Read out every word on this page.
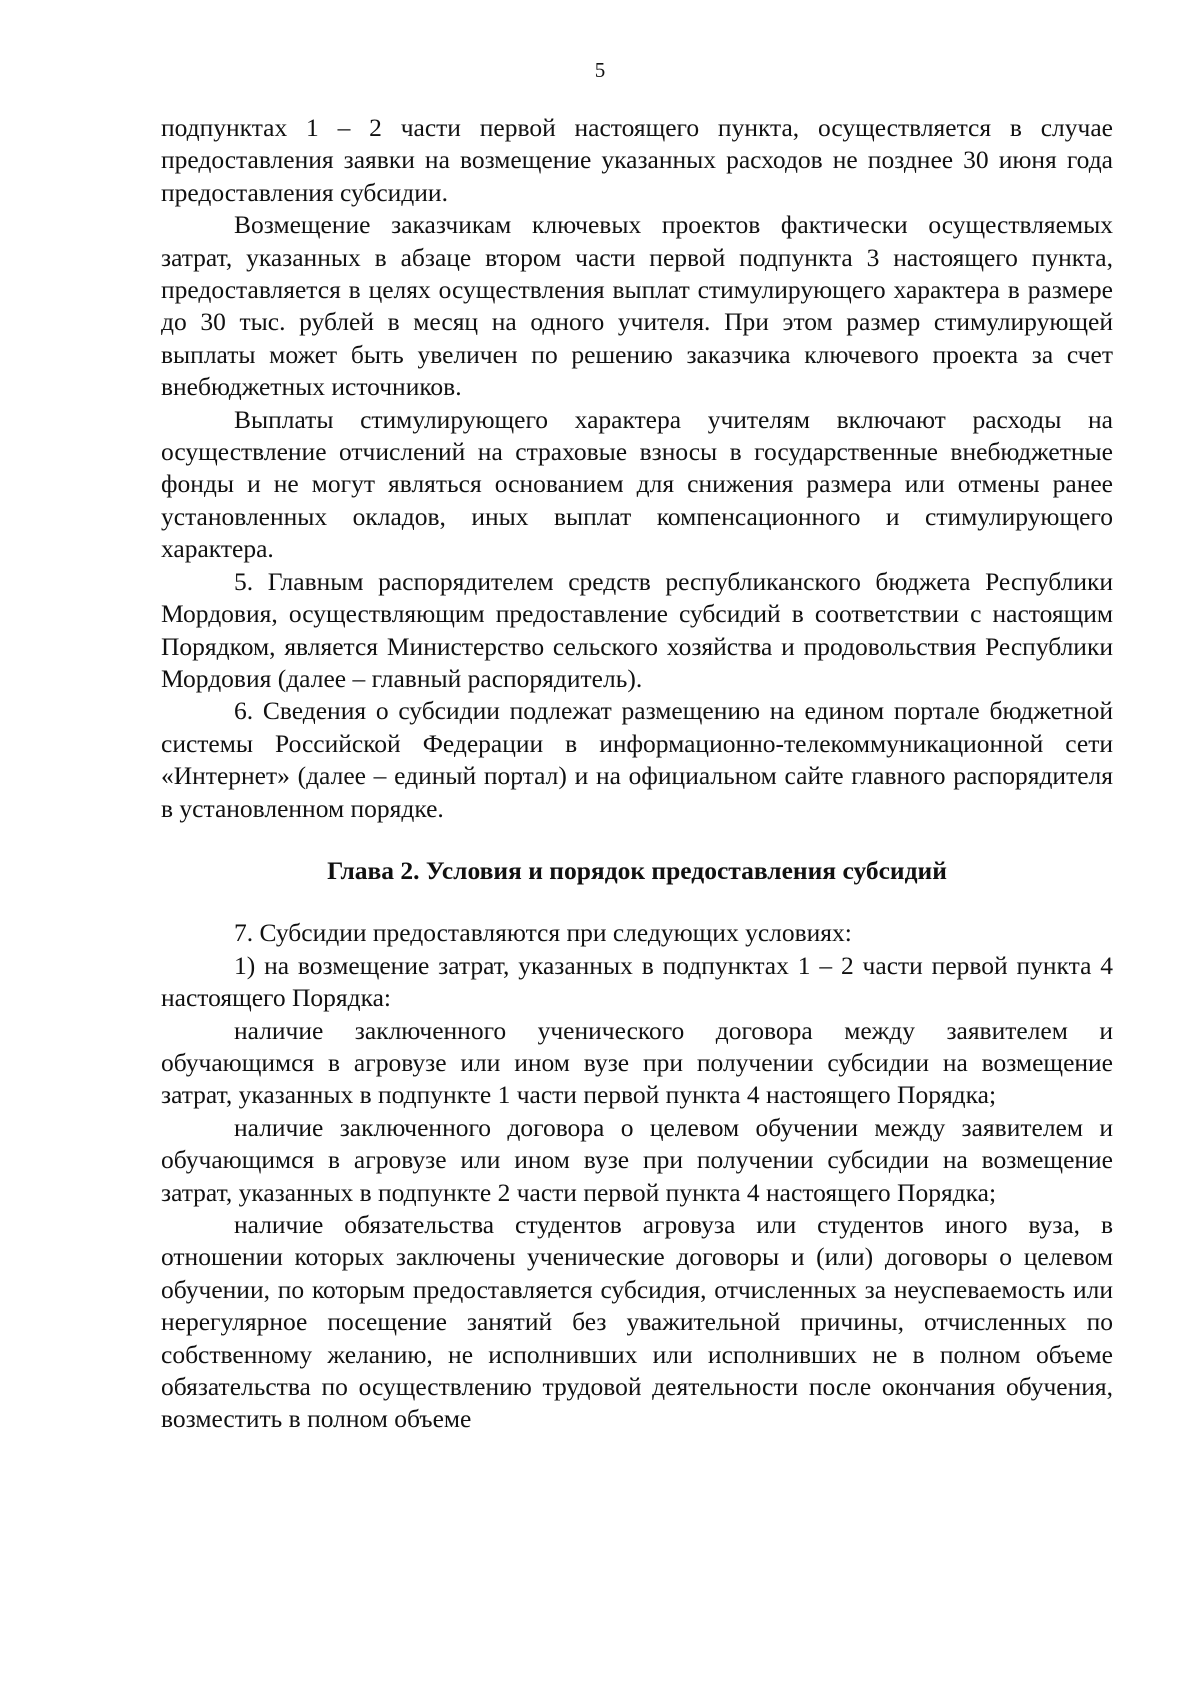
5

подпунктах 1 – 2 части первой настоящего пункта, осуществляется в случае предоставления заявки на возмещение указанных расходов не позднее 30 июня года предоставления субсидии.

Возмещение заказчикам ключевых проектов фактически осуществляемых затрат, указанных в абзаце втором части первой подпункта 3 настоящего пункта, предоставляется в целях осуществления выплат стимулирующего характера в размере до 30 тыс. рублей в месяц на одного учителя. При этом размер стимулирующей выплаты может быть увеличен по решению заказчика ключевого проекта за счет внебюджетных источников.

Выплаты стимулирующего характера учителям включают расходы на осуществление отчислений на страховые взносы в государственные внебюджетные фонды и не могут являться основанием для снижения размера или отмены ранее установленных окладов, иных выплат компенсационного и стимулирующего характера.

5. Главным распорядителем средств республиканского бюджета Республики Мордовия, осуществляющим предоставление субсидий в соответствии с настоящим Порядком, является Министерство сельского хозяйства и продовольствия Республики Мордовия (далее – главный распорядитель).

6. Сведения о субсидии подлежат размещению на едином портале бюджетной системы Российской Федерации в информационно-телекоммуникационной сети «Интернет» (далее – единый портал) и на официальном сайте главного распорядителя в установленном порядке.

Глава 2. Условия и порядок предоставления субсидий

7. Субсидии предоставляются при следующих условиях:

1) на возмещение затрат, указанных в подпунктах 1 – 2 части первой пункта 4 настоящего Порядка:

наличие заключенного ученического договора между заявителем и обучающимся в агровузе или ином вузе при получении субсидии на возмещение затрат, указанных в подпункте 1 части первой пункта 4 настоящего Порядка;

наличие заключенного договора о целевом обучении между заявителем и обучающимся в агровузе или ином вузе при получении субсидии на возмещение затрат, указанных в подпункте 2 части первой пункта 4 настоящего Порядка;

наличие обязательства студентов агровуза или студентов иного вуза, в отношении которых заключены ученические договоры и (или) договоры о целевом обучении, по которым предоставляется субсидия, отчисленных за неуспеваемость или нерегулярное посещение занятий без уважительной причины, отчисленных по собственному желанию, не исполнивших или исполнивших не в полном объеме обязательства по осуществлению трудовой деятельности после окончания обучения, возместить в полном объеме
